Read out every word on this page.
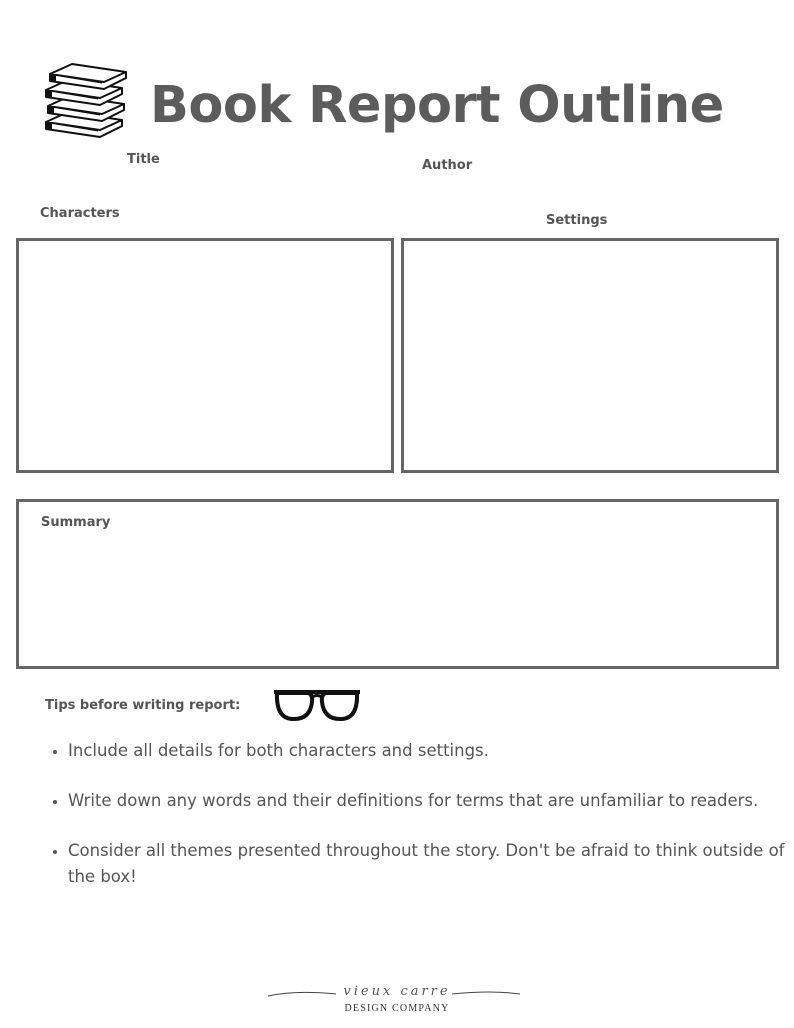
Book Report Outline
Title	Author
Characters	Settings
Summary
Tips before writing report:
• Include all details for both characters and settings.
• Write down any words and their definitions for terms that are unfamiliar to readers.
• Consider all themes presented throughout the story. Don't be afraid to think outside of the box!
vieux carre
DESIGN COMPANY
